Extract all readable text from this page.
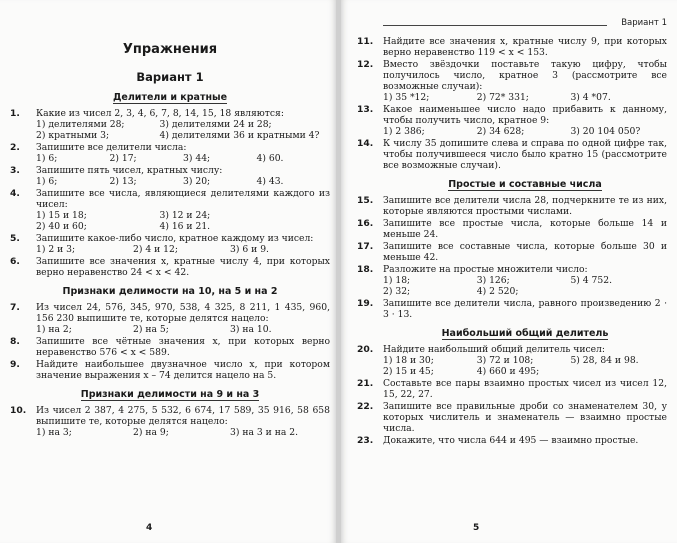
Упражнения
Вариант 1
Делители и кратные
1.	Какие из чисел 2, 3, 4, 6, 7, 8, 14, 15, 18 являются:
1) делителями 28;	3) делителями 24 и 28;
2) кратными 3;	4) делителями 36 и кратными 4?
2.	Запишите все делители числа:
1) 6;	2) 17;	3) 44;	4) 60.
3.	Запишите пять чисел, кратных числу:
1) 6;	2) 13;	3) 20;	4) 43.
4.	Запишите все числа, являющиеся делителями каждого из чисел:
1) 15 и 18;	3) 12 и 24;
2) 40 и 60;	4) 16 и 21.
5.	Запишите какое-либо число, кратное каждому из чисел:
1) 2 и 3;	2) 4 и 12;	3) 6 и 9.
6.	Запишите все значения x, кратные числу 4, при которых верно неравенство 24 < x < 42.
Признаки делимости на 10, на 5 и на 2
7.	Из чисел 24, 576, 345, 970, 538, 4 325, 8 211, 1 435, 960, 156 230 выпишите те, которые делятся нацело:
1) на 2;	2) на 5;	3) на 10.
8.	Запишите все чётные значения x, при которых верно неравенство 576 < x < 589.
9.	Найдите наибольшее двузначное число x, при котором значение выражения x – 74 делится нацело на 5.
Признаки делимости на 9 и на 3
10.	Из чисел 2 387, 4 275, 5 532, 6 674, 17 589, 35 916, 58 658 выпишите те, которые делятся нацело:
1) на 3;	2) на 9;	3) на 3 и на 2.
4
Вариант 1
11.	Найдите все значения x, кратные числу 9, при которых верно неравенство 119 < x < 153.
12.	Вместо звёздочки поставьте такую цифру, чтобы получилось число, кратное 3 (рассмотрите все возможные случаи):
1) 35 *12;	2) 72* 331;	3) 4 *07.
13.	Какое наименьшее число надо прибавить к данному, чтобы получить число, кратное 9:
1) 2 386;	2) 34 628;	3) 20 104 050?
14.	К числу 35 допишите слева и справа по одной цифре так, чтобы получившееся число было кратно 15 (рассмотрите все возможные случаи).
Простые и составные числа
15.	Запишите все делители числа 28, подчеркните те из них, которые являются простыми числами.
16.	Запишите все простые числа, которые больше 14 и меньше 24.
17.	Запишите все составные числа, которые больше 30 и меньше 42.
18.	Разложите на простые множители число:
1) 18;	3) 126;	5) 4 752.
2) 32;	4) 2 520;
19.	Запишите все делители числа, равного произведению 2 · 3 · 13.
Наибольший общий делитель
20.	Найдите наибольший общий делитель чисел:
1) 18 и 30;	3) 72 и 108;	5) 28, 84 и 98.
2) 15 и 45;	4) 660 и 495;
21.	Составьте все пары взаимно простых чисел из чисел 12, 15, 22, 27.
22.	Запишите все правильные дроби со знаменателем 30, у которых числитель и знаменатель — взаимно простые числа.
23.	Докажите, что числа 644 и 495 — взаимно простые.
5
